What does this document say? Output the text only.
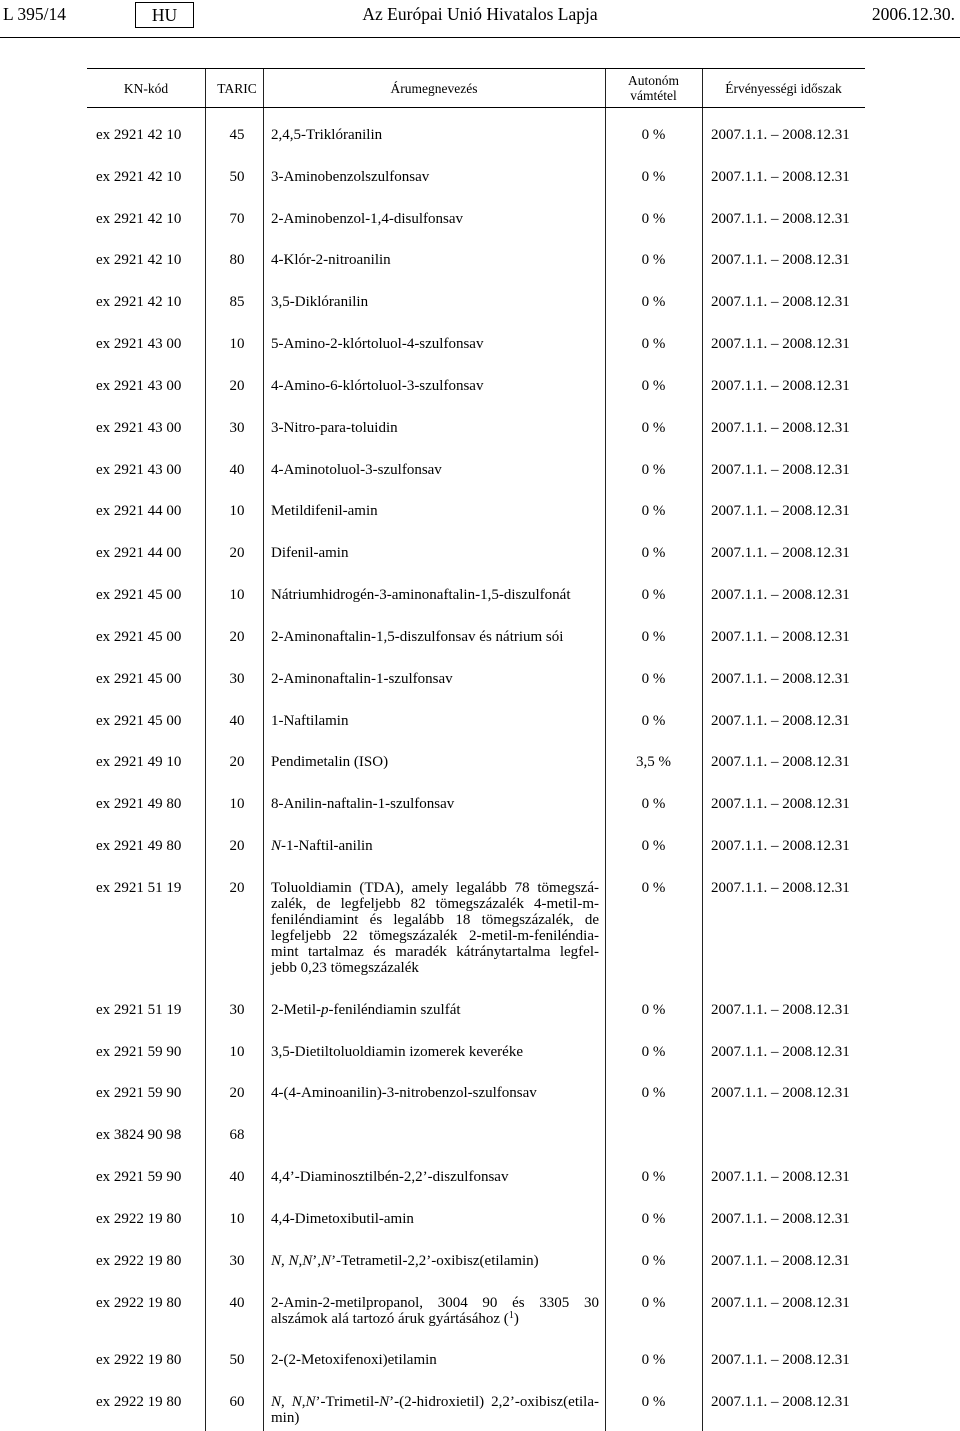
L 395/14	HU	Az Európai Unió Hivatalos Lapja	2006.12.30.
KN-kód	TARIC	Árumegnevezés	Autonóm
vámtétel	Érvényességi időszak
ex 2921 42 10	45	2,4,5-Triklóranilin	0 %	2007.1.1. – 2008.12.31
ex 2921 42 10	50	3-Aminobenzolszulfonsav	0 %	2007.1.1. – 2008.12.31
ex 2921 42 10	70	2-Aminobenzol-1,4-disulfonsav	0 %	2007.1.1. – 2008.12.31
ex 2921 42 10	80	4-Klór-2-nitroanilin	0 %	2007.1.1. – 2008.12.31
ex 2921 42 10	85	3,5-Diklóranilin	0 %	2007.1.1. – 2008.12.31
ex 2921 43 00	10	5-Amino-2-klórtoluol-4-szulfonsav	0 %	2007.1.1. – 2008.12.31
ex 2921 43 00	20	4-Amino-6-klórtoluol-3-szulfonsav	0 %	2007.1.1. – 2008.12.31
ex 2921 43 00	30	3-Nitro-para-toluidin	0 %	2007.1.1. – 2008.12.31
ex 2921 43 00	40	4-Aminotoluol-3-szulfonsav	0 %	2007.1.1. – 2008.12.31
ex 2921 44 00	10	Metildifenil-amin	0 %	2007.1.1. – 2008.12.31
ex 2921 44 00	20	Difenil-amin	0 %	2007.1.1. – 2008.12.31
ex 2921 45 00	10	Nátriumhidrogén-3-aminonaftalin-1,5-diszulfonát	0 %	2007.1.1. – 2008.12.31
ex 2921 45 00	20	2-Aminonaftalin-1,5-diszulfonsav és nátrium sói	0 %	2007.1.1. – 2008.12.31
ex 2921 45 00	30	2-Aminonaftalin-1-szulfonsav	0 %	2007.1.1. – 2008.12.31
ex 2921 45 00	40	1-Naftilamin	0 %	2007.1.1. – 2008.12.31
ex 2921 49 10	20	Pendimetalin (ISO)	3,5 %	2007.1.1. – 2008.12.31
ex 2921 49 80	10	8-Anilin-naftalin-1-szulfonsav	0 %	2007.1.1. – 2008.12.31
ex 2921 49 80	20	N-1-Naftil-anilin	0 %	2007.1.1. – 2008.12.31
ex 2921 51 19	20	Toluoldiamin (TDA), amely legalább 78 tömegszá-
zalék, de legfeljebb 82 tömegszázalék 4-metil-m-
feniléndiamint és legalább 18 tömegszázalék, de
legfeljebb 22 tömegszázalék 2-metil-m-feniléndia-
mint tartalmaz és maradék kátránytartalma legfel-
jebb 0,23 tömegszázalék
0 %	2007.1.1. – 2008.12.31
ex 2921 51 19	30	2-Metil-p-feniléndiamin szulfát	0 %	2007.1.1. – 2008.12.31
ex 2921 59 90	10	3,5-Dietiltoluoldiamin izomerek keveréke	0 %	2007.1.1. – 2008.12.31
ex 2921 59 90	20	4-(4-Aminoanilin)-3-nitrobenzol-szulfonsav	0 %	2007.1.1. – 2008.12.31
ex 3824 90 98	68
ex 2921 59 90	40	4,4’-Diaminosztilbén-2,2’-diszulfonsav	0 %	2007.1.1. – 2008.12.31
ex 2922 19 80	10	4,4-Dimetoxibutil-amin	0 %	2007.1.1. – 2008.12.31
ex 2922 19 80	30	N, N,N’,N’-Tetrametil-2,2’-oxibisz(etilamin)	0 %	2007.1.1. – 2008.12.31
ex 2922 19 80	40	2-Amin-2-metilpropanol, 3004 90 és 3305 30
alszámok alá tartozó áruk gyártásához ($^1$)
0 %	2007.1.1. – 2008.12.31
ex 2922 19 80	50	2-(2-Metoxifenoxi)etilamin	0 %	2007.1.1. – 2008.12.31
ex 2922 19 80	60	N, N,N’-Trimetil-N’-(2-hidroxietil) 2,2’-oxibisz(etila-
min)
0 %	2007.1.1. – 2008.12.31
